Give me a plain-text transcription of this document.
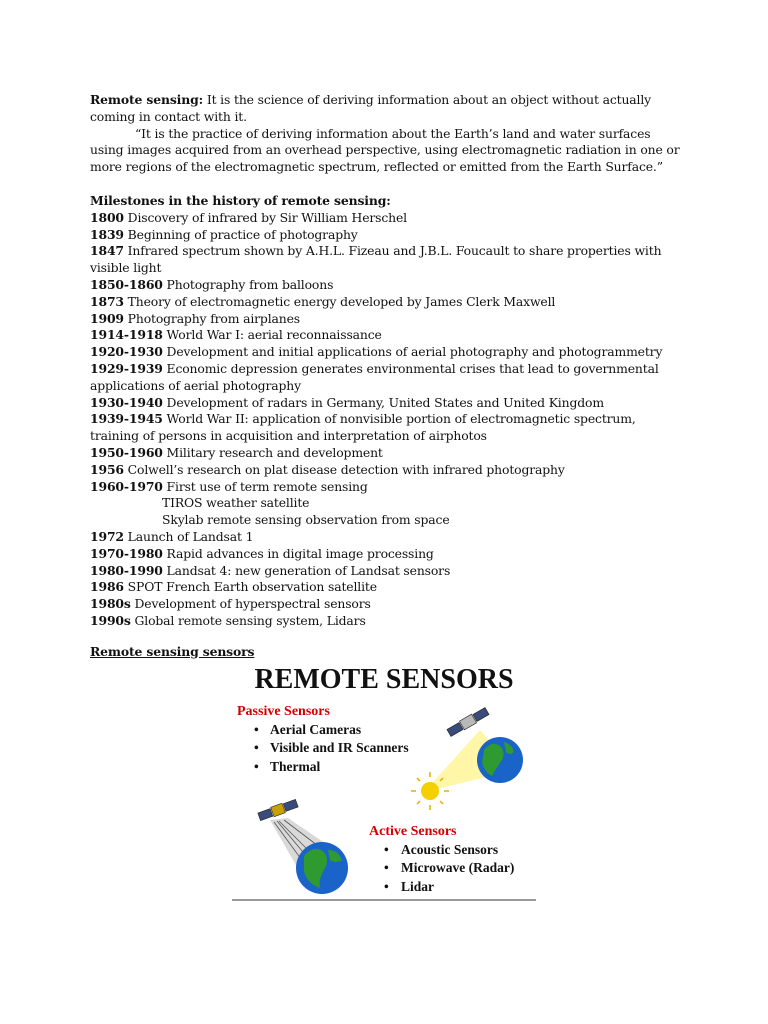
Remote sensing: It is the science of deriving information about an object without actually coming in contact with it.

“It is the practice of deriving information about the Earth’s land and water surfaces using images acquired from an overhead perspective, using electromagnetic radiation in one or more regions of the electromagnetic spectrum, reflected or emitted from the Earth Surface.”

Milestones in the history of remote sensing:

1800 Discovery of infrared by Sir William Herschel

1839 Beginning of practice of photography

1847 Infrared spectrum shown by A.H.L. Fizeau and J.B.L. Foucault to share properties with visible light

1850-1860 Photography from balloons

1873 Theory of electromagnetic energy developed by James Clerk Maxwell

1909 Photography from airplanes

1914-1918 World War I: aerial reconnaissance

1920-1930 Development and initial applications of aerial photography and photogrammetry

1929-1939 Economic depression generates environmental crises that lead to governmental applications of aerial photography

1930-1940 Development of radars in Germany, United States and United Kingdom

1939-1945 World War II: application of nonvisible portion of electromagnetic spectrum, training of persons in acquisition and interpretation of airphotos

1950-1960 Military research and development

1956 Colwell’s research on plat disease detection with infrared photography

1960-1970 First use of term remote sensing

TIROS weather satellite

Skylab remote sensing observation from space

1972 Launch of Landsat 1

1970-1980 Rapid advances in digital image processing

1980-1990 Landsat 4: new generation of Landsat sensors

1986 SPOT French Earth observation satellite

1980s Development of hyperspectral sensors

1990s Global remote sensing system, Lidars

Remote sensing sensors

REMOTE SENSORS
Passive Sensors
• Aerial Cameras
• Visible and IR Scanners
• Thermal
Active Sensors
• Acoustic Sensors
• Microwave (Radar)
• Lidar
